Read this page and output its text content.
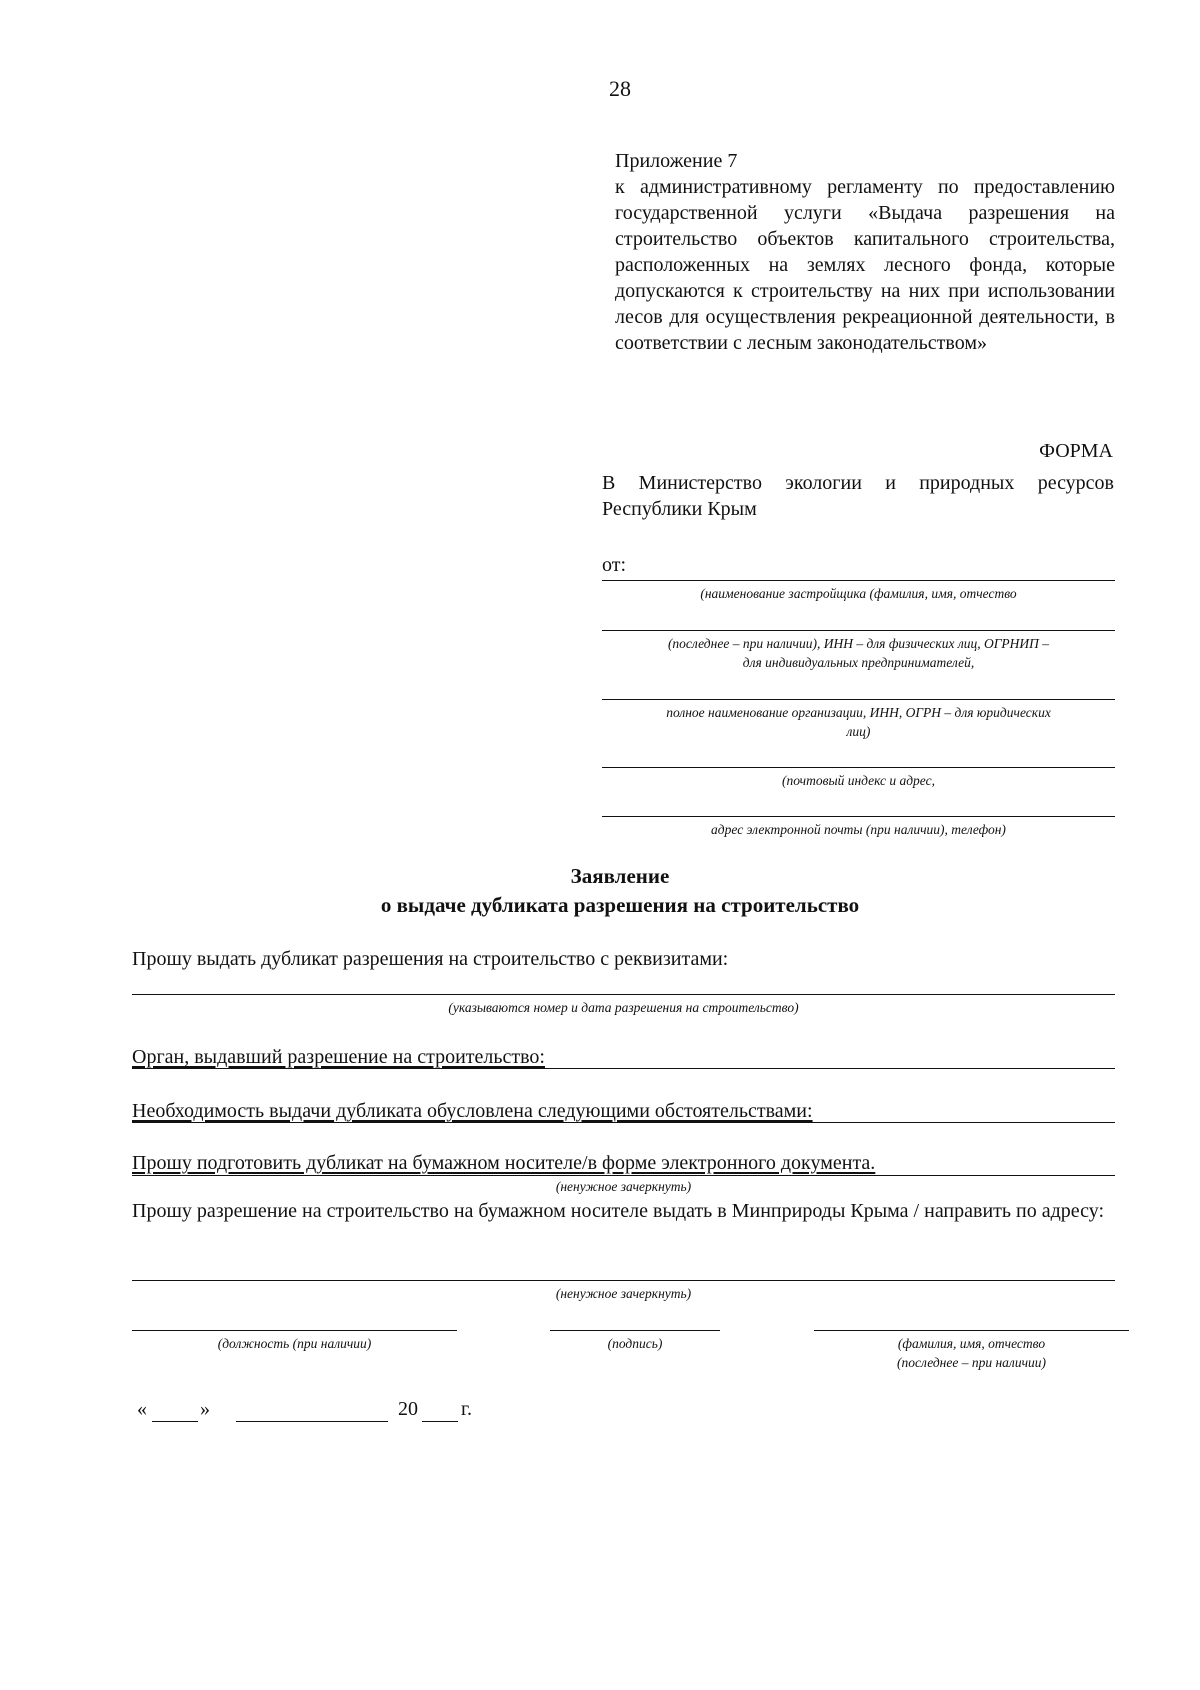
28
Приложение 7
к административному регламенту по предоставлению государственной услуги «Выдача разрешения на строительство объектов капитального строительства, расположенных на землях лесного фонда, которые допускаются к строительству на них при использовании лесов для осуществления рекреационной деятельности, в соответствии с лесным законодательством»
ФОРМА
В Министерство экологии и природных ресурсов Республики Крым
от:
(наименование застройщика (фамилия, имя, отчество
(последнее – при наличии), ИНН – для физических лиц, ОГРНИП –
для индивидуальных предпринимателей,
полное наименование организации, ИНН, ОГРН – для юридических
лиц)
(почтовый индекс и адрес,
адрес электронной почты (при наличии), телефон)
Заявление
о выдаче дубликата разрешения на строительство
Прошу выдать дубликат разрешения на строительство с реквизитами:
(указываются номер и дата разрешения на строительство)
Орган, выдавший разрешение на строительство:
Необходимость выдачи дубликата обусловлена следующими обстоятельствами:
Прошу подготовить дубликат на бумажном носителе/в форме электронного документа.
(ненужное зачеркнуть)
Прошу разрешение на строительство на бумажном носителе выдать в Минприроды Крыма / направить по адресу:
(ненужное зачеркнуть)
(должность (при наличии)	(подпись)	(фамилия, имя, отчество
(последнее – при наличии)
«	»	20 г.
